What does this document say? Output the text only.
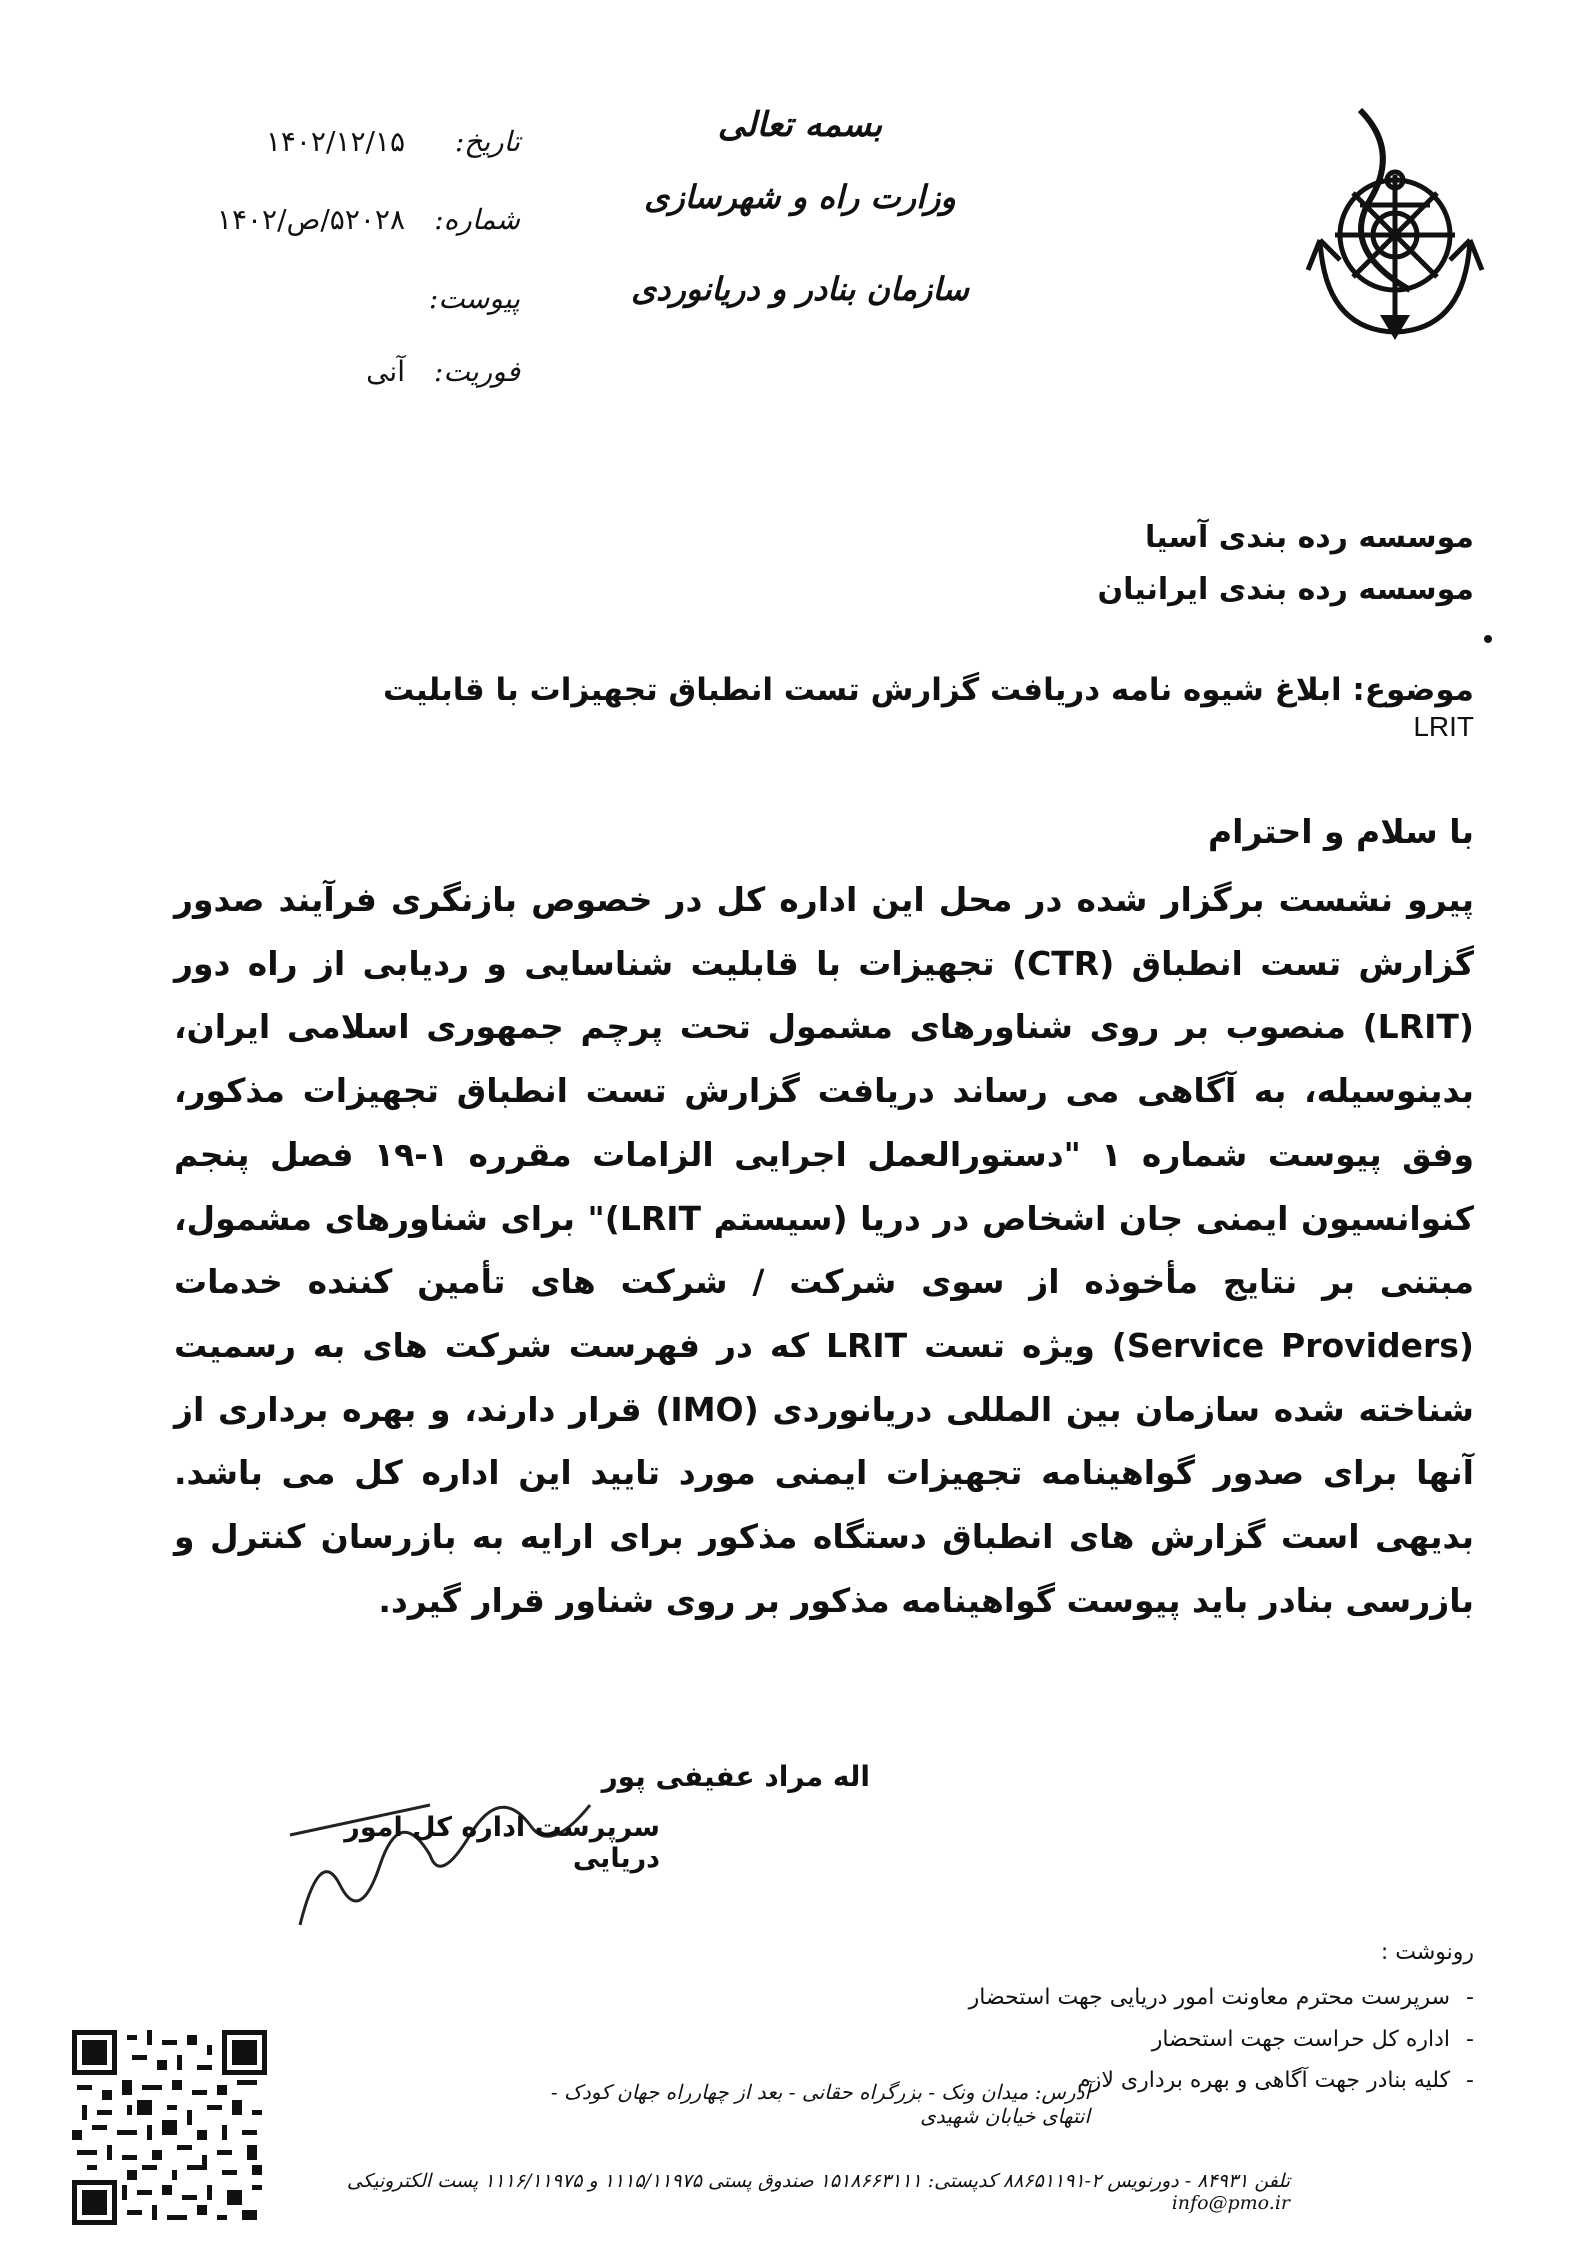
بسمه تعالی
وزارت راه و شهرسازی
سازمان بنادر و دریانوردی
تاریخ:
۱۴۰۲/۱۲/۱۵
شماره:
۵۲۰۲۸/ص/۱۴۰۲
پیوست:
فوریت:
آنی
موسسه رده بندی آسیا
موسسه رده بندی ایرانیان
موضوع: ابلاغ شیوه نامه دریافت گزارش تست انطباق تجهیزات با قابلیت LRIT
با سلام و احترام
پیرو نشست برگزار شده در محل این اداره کل در خصوص بازنگری فرآیند صدور گزارش تست انطباق (CTR) تجهیزات با قابلیت شناسایی و ردیابی از راه دور (LRIT) منصوب بر روی شناورهای مشمول تحت پرچم جمهوری اسلامی ایران، بدینوسیله، به آگاهی می رساند دریافت گزارش تست انطباق تجهیزات مذکور، وفق پیوست شماره ۱ "دستورالعمل اجرایی الزامات مقرره ۱-۱۹ فصل پنجم کنوانسیون ایمنی جان اشخاص در دریا (سیستم LRIT)" برای شناورهای مشمول، مبتنی بر نتایج مأخوذه از سوی شرکت / شرکت های تأمین کننده خدمات (Service Providers) ویژه تست LRIT که در فهرست شرکت های به رسمیت شناخته شده سازمان بین المللی دریانوردی (IMO) قرار دارند، و بهره برداری از آنها برای صدور گواهینامه تجهیزات ایمنی مورد تایید این اداره کل می باشد. بدیهی است گزارش های انطباق دستگاه مذکور برای ارایه به بازرسان کنترل و بازرسی بنادر باید پیوست گواهینامه مذکور بر روی شناور قرار گیرد.
اله مراد عفیفی پور
سرپرست اداره کل امور دریایی
رونوشت :
-سرپرست محترم معاونت امور دریایی جهت استحضار
-اداره کل حراست جهت استحضار
-کلیه بنادر جهت آگاهی و بهره برداری لازم
آدرس: میدان ونک - بزرگراه حقانی - بعد از چهارراه جهان کودک - انتهای خیابان شهیدی
تلفن ۸۴۹۳۱ - دورنویس ۲-۸۸۶۵۱۱۹۱ کدپستی: ۱۵۱۸۶۶۳۱۱۱ صندوق پستی ۱۱۱۵/۱۱۹۷۵ و ۱۱۱۶/۱۱۹۷۵ پست الکترونیکی info@pmo.ir
